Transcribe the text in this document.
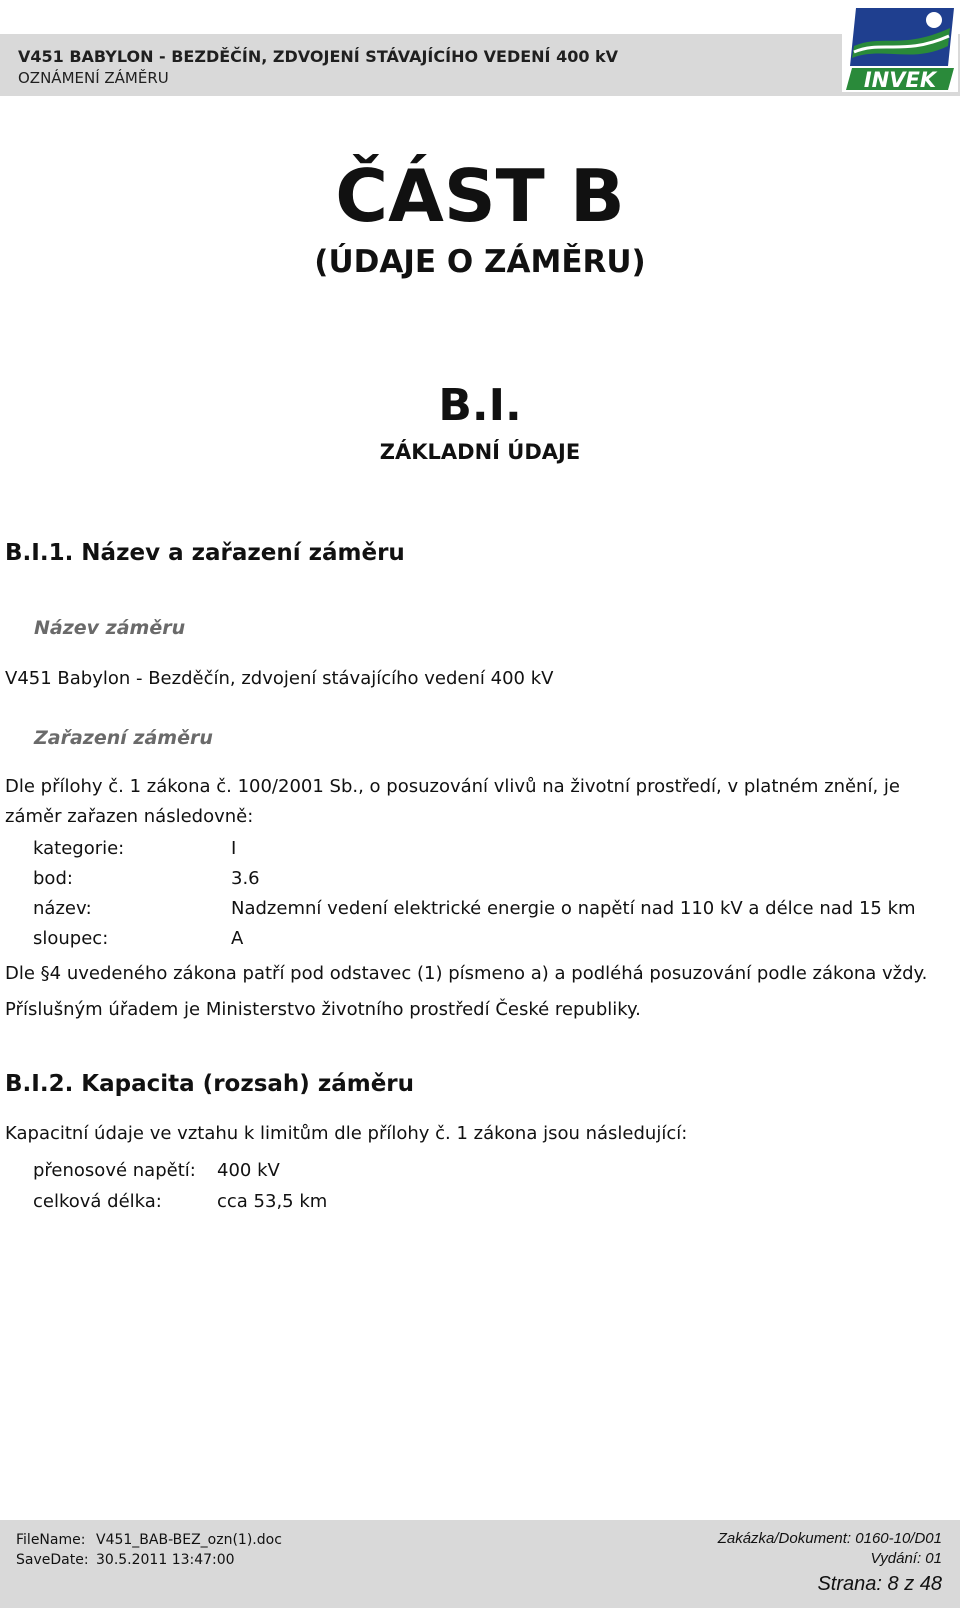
V451 BABYLON - BEZDĚČÍN, ZDVOJENÍ STÁVAJÍCÍHO VEDENÍ 400 kV
OZNÁMENÍ ZÁMĚRU	INVEK
ČÁST B
(ÚDAJE O ZÁMĚRU)
B.I.
ZÁKLADNÍ ÚDAJE
B.I.1. Název a zařazení záměru
Název záměru
V451 Babylon - Bezděčín, zdvojení stávajícího vedení 400 kV
Zařazení záměru
Dle přílohy č. 1 zákona č. 100/2001 Sb., o posuzování vlivů na životní prostředí, v platném znění, je záměr zařazen následovně:
kategorie:	I
bod:	3.6
název:	Nadzemní vedení elektrické energie o napětí nad 110 kV a délce nad 15 km
sloupec:	A
Dle §4 uvedeného zákona patří pod odstavec (1) písmeno a) a podléhá posuzování podle zákona vždy.
Příslušným úřadem je Ministerstvo životního prostředí České republiky.
B.I.2. Kapacita (rozsah) záměru
Kapacitní údaje ve vztahu k limitům dle přílohy č. 1 zákona jsou následující:
přenosové napětí: 400 kV
celková délka:	cca 53,5 km
FileName: V451_BAB-BEZ_ozn(1).doc
SaveDate: 30.5.2011 13:47:00
Zakázka/Dokument: 0160-10/D01
Vydání: 01
Strana: 8 z 48
